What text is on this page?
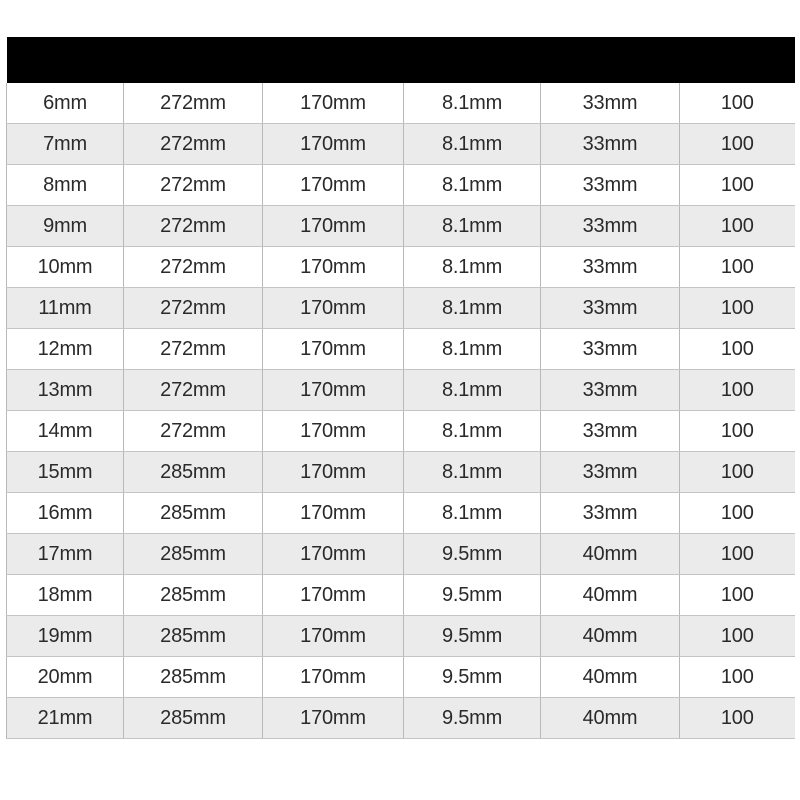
6mm	272mm	170mm	8.1mm	33mm	100
7mm	272mm	170mm	8.1mm	33mm	100
8mm	272mm	170mm	8.1mm	33mm	100
9mm	272mm	170mm	8.1mm	33mm	100
10mm	272mm	170mm	8.1mm	33mm	100
11mm	272mm	170mm	8.1mm	33mm	100
12mm	272mm	170mm	8.1mm	33mm	100
13mm	272mm	170mm	8.1mm	33mm	100
14mm	272mm	170mm	8.1mm	33mm	100
15mm	285mm	170mm	8.1mm	33mm	100
16mm	285mm	170mm	8.1mm	33mm	100
17mm	285mm	170mm	9.5mm	40mm	100
18mm	285mm	170mm	9.5mm	40mm	100
19mm	285mm	170mm	9.5mm	40mm	100
20mm	285mm	170mm	9.5mm	40mm	100
21mm	285mm	170mm	9.5mm	40mm	100
